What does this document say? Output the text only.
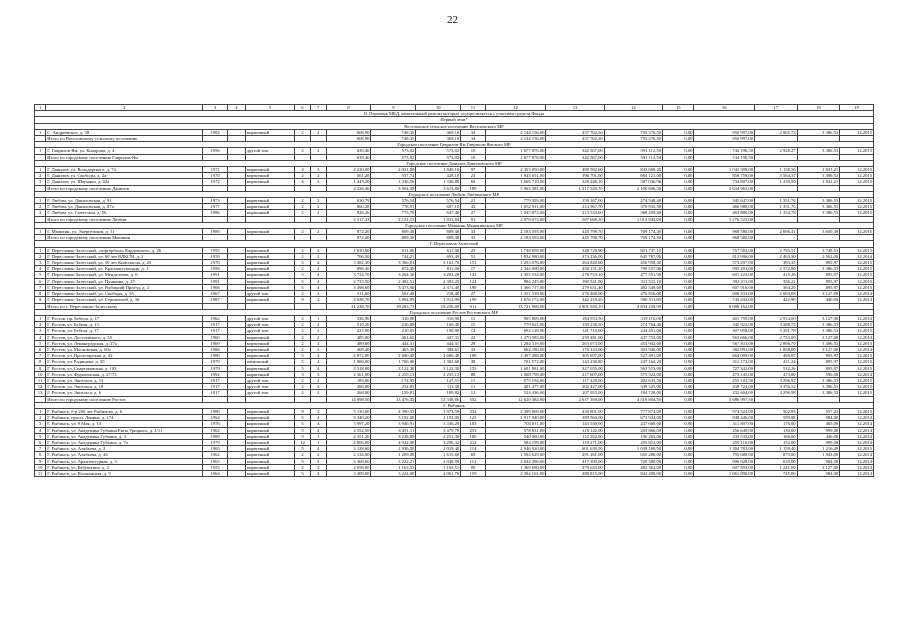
22
1	2	3	4	5	6	7	8	9	10	11	12	13	14	15	16	17	18	19
II. Перечень МКД, капитальный ремонт которых осуществляется с участием средств Фонда																		
Первый этап*																		
Веселовское сельское поселение Веселовского МР																		
1	С. Андреевское, д. 38	1982		кирпичный	2	2	808,90	748,35	369,10	34	2 144 156,00	437 762,30	755 376,50	0,00	950 997,00	2 865,73	3 386,53	12.2015
	Итого по Веселовскому сельскому поселению						808,90	748,35	369,10	34	2 144 156,00	437 762,30	755 376,50	0,00	950 997,00			
Городское поселение Гаврилов-Ям Гаврилов-Ямского МР																		
1	Г. Гаврилов-Ям, ул. Кондрова, д. 4	1956		другой тип	2	2	639,40	573,02	573,02	10	1 677 876,00	342 567,00	591 112,50	0,00	744 196,50	2 928,27	3 386,53	12.2015
	Итого по городскому поселению Гаврилов-Ям						639,40	573,02	573,02	10	1 677 876,00	342 567,00	591 112,50	0,00	744 196,50			
Городское поселение Данилов Даниловского МР																		
1	Г. Данилов, ул. Володарского, д. 74	1971		кирпичный	4	3	2 220,00	2 031,00	1 849,10	97	2 353 050,00	488 582,60	843 068,40	0,00	1 041 399,00	1 158,56	1 841,21	12.2015
2	Г. Данилов, ул. Свободы, д. 2а	1970		кирпичный	2	2	561,26	557,74	428,10	23	1 943 651,00	396 701,00	684 121,00	0,00	858 759,00	3 564,37	3 386,53	12.2015
3	Г. Данилов, ул. Шаумяна, д. 22а	1972		кирпичный	4	3	1 445,20	1 336,56	1 336,80	69	1 666 710,00	328 246,10	587 036,96	0,00	734 807,00	1 239,50	1 841,21	12.2015
	Итого по городскому поселению Данилов						4 226,46	3 904,30	3 613,80	189	5 963 381,00	1 217 529,70	2 100 806,30	0,00	2 634 965,00			
Городское поселение Любим Любимского МР																		
1	Г. Любим, ул. Даниловская, д. 81	1973		кирпичный	2	2	630,79	576,54	576,54	21	779 303,00	159 167,00	274 548,40	0,00	345 647,00	1 351,76	3 386,53	12.2015
2	Г. Любим, ул. Даниловская, д. 87а	1977		кирпичный	2	2	860,28	778,91	607,10	43	1 052 911,00	214 967,70	370 935,30	0,00	466 988,00	1 351,76	3 386,53	12.2015
3	Г. Любим, ул. Советская, д. 56	1986		кирпичный	2	2	826,26	775,70	647,40	27	1 045 872,00	213 533,60	368 459,40	0,00	463 880,00	1 354,78	3 386,53	12.2015
	Итого по городскому поселению Любим						2 317,33	2 131,15	1 831,04	91	2 878 073,00	587 668,30	1 013 943,00	0,00	1 276 525,00			
Городское поселение Мышкин Мышкинского МР																		
1	Г. Мышкин, ул. Энергетиков, д. 11	1989		кирпичный	2	2	872,20	809,30	809,30	33	2 183 593,00	445 798,70	769 174,30	0,00	968 580,00	2 696,41	3 650,39	12.2015
	Итого по городскому поселению Мышкин						872,20	809,30	809,30	33	2 183 593,00	445 798,70	769 174,30	0,00	968 580,00			
Г. Переславль-Залесский																		
1	Г. Переславль-Залесский, «торгорбаза» Кардовского, д. 26	1955		кирпичный	2	2	1 030,90	611,00	611,00	25	1 748 659,00	348 729,90	601 747,10	0,00	757 582,00	2 795,51	3 748,53	12.2015
2	Г. Переславль-Залесский, ул. 60 лет ВЛКСМ, д. 2	1959		кирпичный	2	2	706,30	744,21	693,40	51	1 832 980,00	374 236,00	645 767,00	0,00	812 996,00	2 463,30	2 562,00	12.2014
3	Г. Переславль-Залесский, ул. 50 лет Комсомола, д. 25	1970		кирпичный	5	4	3 482,30	3 366,01	3 163,70	151	1 253 076,00	264 820,60	456 958,40	0,00	573 297,00	383,35	895,97	12.2015
4	Г. Переславль-Залесский, ул. Красная площадь, д. 1	1958		кирпичный	2	2	896,30	872,30	811,00	17	2 344 000,00	458 151,20	790 557,80	0,00	995 291,00	2 572,80	3 386,53	12.2015
5	Г. Переславль-Залесский, ул. Менделеева, д. 6	1991		кирпичный	5	4	3 724,70	3 264,30	3 202,20	143	1 355 552,00	276 753,10	477 551,90	0,00	601 223,00	415,26	895,97	12.2015
6	Г. Переславль-Залесский, ул. Пушкина, д. 25	1991		кирпичный	5	4	2 733,50	2 482,51	2 383,20	124	884 245,00	180 541,90	311 532,10	0,00	392 211,00	356,21	895,97	12.2015
7	Г. Переславль-Залесский, ул. Рыбацкий Проезд, д. 2	1966		кирпичный	5	4	3 498,60	3 473,90	2 371,40	190	1 366 717,00	279 631,40	482 549,60	0,00	607 916,00	394,29	895,97	12.2015
8	Г. Переславль-Залесский, ул. Свободы, д. 35	1967		другой тип	2	2	511,60	502,40	218,40	27	1 351 539,00	276 468,00	476 856,00	0,00	600 333,00	2 693,08	3 127,00	12.2014
9	Г. Переславль-Залесский, ул. Строителей, д. 36	1987		кирпичный	9	2	4 638,70	3 964,09	3 912,00	199	1 676 172,00	342 219,20	590 511,80	0,00	743 443,00	422,90	440,00	12.2014
	Итого по г. Переславлю-Залесскому						21 238,70	19 283,73	18 256,00	911	13 721 969,00	2 801 550,10	4 834 259,90	0,00	6 086 162,00			
Городское поселение Ростов Ростовского МР																		
1	Г. Ростов, пр. Бебеля, д. 17	1962		другой тип	2	1	336,90	310,90	310,90	11	905 809,00	184 933,50	319 116,00	0,00	401 759,00	2 914,00	3 127,00	12.2014
2	Г. Ростов, ул. Бебеля, д. 13	1917		другой тип	2	2	510,20	236,80	160,40	15	779 621,00	159 238,50	274 764,40	0,00	345 922,00	3 288,75	3 386,53	12.2015
3	Г. Ростов, ул. Бебеля, д. 17	1917		другой тип	2	2	227,90	210,95	150,90	12	694 128,00	141 719,00	244 451,00	0,00	307 958,00	3 291,78	3 386,53	12.2015
4	Г. Ростов, ул. Достоевского, д. 55	1960		кирпичный	2	2	485,00	461,65	447,31	22	1 270 583,00	259 481,00	447 753,00	0,00	563 666,00	2 753,09	3 127,00	12.2014
5	Г. Ростов, ул. Ленинградская, д. 27а	1969		кирпичный	2	2	489,00	444,31	444,31	28	1 284 319,00	263 073,00	453 942,00	0,00	567 811,00	2 896,79	3 386,53	12.2015
6	Г. Ростов, ул. Московская, д. 69а	1986		кирпичный	2	2	469,40	465,30	398,61	33	862 180,00	176 143,00	303 946,00	0,00	382 091,00	1 858,00	3 127,00	12.2014
7	Г. Ростов, ул. Пролетарская, д. 43	1980		кирпичный	5	4	2 872,00	2 680,40	2 680,40	108	1 497 288,00	305 697,00	527 491,00	0,00	664 099,00	496,87	895,97	12.2015
8	Г. Ростов, ул. Радищева, д. 35	1979		панельный	5	4	1 906,00	1 706,00	1 302,60	48	701 572,00	143 238,80	247 164,20	0,00	311 172,00	411,24	895,97	12.2015
9	Г. Ростов, ул. Спартаковская, д. 103	1979		кирпичный	5	4	3 318,00	3 122,30	3 122,30	153	1 601 881,00	327 055,00	563 513,00	0,00	727 342,00	512,26	895,97	12.2015
10	Г. Ростов, ул. Фрунзенская, д. 27/73	1992		кирпичный	3	3	2 361,00	2 255,13	2 255,13	88	1 068 798,00	217 607,00	375 522,00	0,00	473 145,00	473,80	596,00	12.2014
11	Г. Ростов, ул. Энгельса, д. 13	1917		другой тип	2	2	183,00	174,95	127,51	11	575 194,00	117 428,00	202 635,50	0,00	255 101,50	3 296,92	3 386,53	12.2015
12	Г. Ростов, ул. Энгельса, д. 18	1917		другой тип	2	2	266,00	252,85	111,30	11	401 477,00	202 427,00	349 325,00	0,00	439 724,00	3 356,52	3 386,53	12.2015
13	Г. Ростов, ул. Энгельса, д. 6	1917		другой тип	2	2	268,00	159,81	109,82	12	524 336,00	107 053,00	184 728,00	0,00	232 604,00	3 296,98	3 386,53	12.2015
	Итого по городскому поселению Ростов						14 098,50	13 476,35	12 338,66	552	12 620 382,00	2 617 169,00	4 519 804,50	0,00	5 686 997,50			
Г. Рыбинск																		
1	Г. Рыбинск, б-р 200 лет Рыбинску, д. 6	1980		кирпичный	9	2	5 130,00	4 390,31	3 973,59	234	2 399 069,00	430 801,00	777 874,00	0,00	974 324,00	502,93	557,23	12.2015
2	Г. Рыбинск, просп. Ленина, д. 174	1964		кирпичный	5	4	3 340,20	3 192,00	3 192,00	123	1 917 940,00	389 560,00	673 934,00	0,00	848 446,00	599,88	984,00	12.2014
3	Г. Рыбинск, ул. 9 Мая, д. 13	1976		кирпичный	5	4	3 997,20	3 946,91	3 336,29	103	703 011,00	143 530,00	247 669,00	0,00	311 807,00	176,00	465,00	12.2014
4	Г. Рыбинск, ул. Академика Губкина/Евгы Урицкого, д. 1/11	1962		кирпичный	5	4	4 552,50	4 451,11	3 479,79	253	578 631,00	118 142,00	203 866,00	0,00	256 649,00	130,00	999,00	12.2014
5	Г. Рыбинск, ул. Академика Губкина, д. 3	1989		кирпичный	9	1	4 351,20	3 238,80	2 251,30	180	540 060,00	110 262,00	190 263,00	0,00	239 535,00	166,00	440,00	12.2014
6	Г. Рыбинск, ул. Академика Губкина, д. 7а	1979		кирпичный	12	1	4 806,00	4 022,00	3 296,32	212	584 199,00	119 271,00	205 812,00	0,00	259 116,00	152,00	999,00	12.2014
7	Г. Рыбинск, ул. Алябьева, д. 2	1965		кирпичный	5	4	3 128,60	2 936,50	2 029,40	114	2 946 920,00	601 639,50	1 038 169,50	0,00	1 304 781,00	1 159,40	1 216,49	12.2015
8	Г. Рыбинск, ул. Алябьева, д. 46	1962		кирпичный	2	2	2 134,00	1 209,00	1 615,60	69	1 594 629,00	291 261,00	650 280,00	0,00	795 688,00	879,00	1 943,00	12.2014
9	Г. Рыбинск, ул. Архитектурная, д. 3	1965		кирпичный	5	4	3 368,60	3 222,21	2 049,99	112	2 044 396,00	417 390,00	720 380,00	0,00	906 928,00	635,00	984,00	12.2014
10	Г. Рыбинск, ул. Бабушкина, д. 2	1955		кирпичный	2	2	2 058,00	1 163,51	1 163,51	80	1 369 690,00	279 643,00	482 362,00	0,00	607 593,00	1 241,00	3 127,00	12.2014
11	Г. Рыбинск, ул. Волжанская, д. 9	1964		кирпичный	5	4	3 409,00	3 224,00	2 061,70	159	2 394 101,00	488 815,00	842 490,00	0,00	1 061 896,00	745,00	984,00	12.2014
